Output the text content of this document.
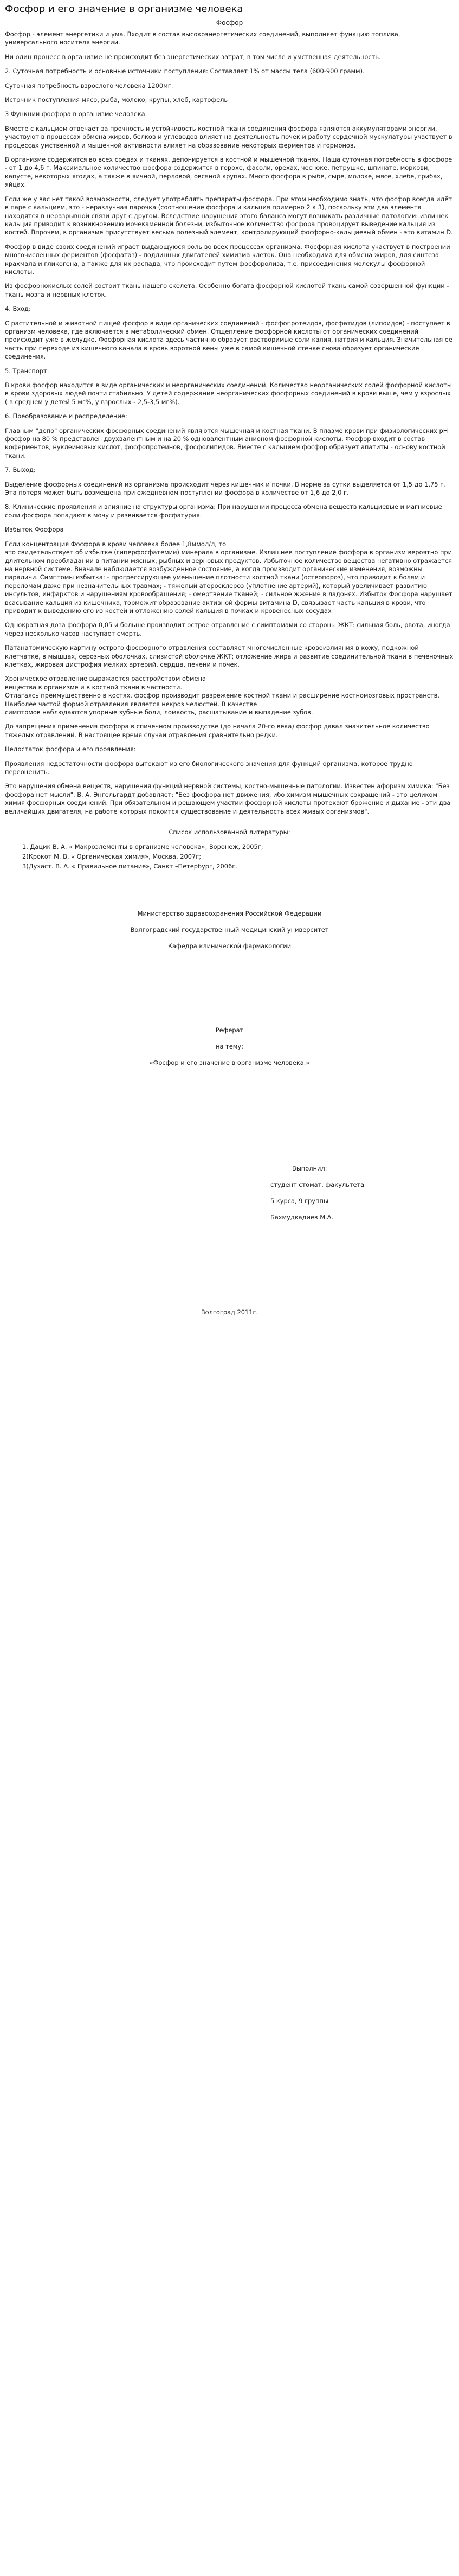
Фосфор и его значение в организме человека
Фосфор
Фосфор - элемент энергетики и ума. Входит в состав высокоэнергетических соединений, выполняет функцию топлива, универсального носителя энергии.
Ни один процесс в организме не происходит без энергетических затрат, в том числе и умственная деятельность.
2. Суточная потребность и основные источники поступления: Составляет 1% от массы тела (600-900 грамм).
Суточная потребность взрослого человека 1200мг.
Источник поступления мясо, рыба, молоко, крупы, хлеб, картофель
3 Функции фосфора в организме человека
Вместе с кальцием отвечает за прочность и устойчивость костной ткани соединения фосфора являются аккумуляторами энергии, участвуют в процессах обмена жиров, белков и углеводов влияет на деятельность почек и работу сердечной мускулатуры участвует в процессах умственной и мышечной активности влияет на образование некоторых ферментов и гормонов.
В организме содержится во всех средах и тканях, депонируется в костной и мышечной тканях. Наша суточная потребность в фосфоре - от 1 до 4,6 г. Максимальное количество фосфора содержится в горохе, фасоли, орехах, чесноке, петрушке, шпинате, моркови, капусте, некоторых ягодах, а также в яичной, перловой, овсяной крупах. Много фосфора в рыбе, сыре, молоке, мясе, хлебе, грибах, яйцах.
Если же у вас нет такой возможности, следует употреблять препараты фосфора. При этом необходимо знать, что фосфор всегда идёт в паре с кальцием, это - неразлучная парочка (соотношение фосфора и кальция примерно 2 к 3), поскольку эти два элемента находятся в неразрывной связи друг с другом. Вследствие нарушения этого баланса могут возникать различные патологии: излишек кальция приводит к возникновению мочекаменной болезни, избыточное количество фосфора провоцирует выведение кальция из костей. Впрочем, в организме присутствует весьма полезный элемент, контролирующий фосфорно-кальциевый обмен - это витамин D.
Фосфор в виде своих соединений играет выдающуюся роль во всех процессах организма. Фосфорная кислота участвует в построении многочисленных ферментов (фосфатаз) - подлинных двигателей химизма клеток. Она необходима для обмена жиров, для синтеза крахмала и гликогена, а также для их распада, что происходит путем фосфоролиза, т.е. присоединения молекулы фосфорной кислоты.
Из фосфорнокислых солей состоит ткань нашего скелета. Особенно богата фосфорной кислотой ткань самой совершенной функции -
ткань мозга и нервных клеток.
4. Вход:
С растительной и животной пищей фосфор в виде органических соединений - фосфопротеидов, фосфатидов (липоидов) - поступает в организм человека, где включается в метаболический обмен. Отщепление фосфорной кислоты от органических соединений происходит уже в желудке. Фосфорная кислота здесь частично образует растворимые соли калия, натрия и кальция. Значительная ее часть при переходе из кишечного канала в кровь воротной вены уже в самой кишечной стенке снова образует органические соединения.
5. Транспорт:
В крови фосфор находится в виде органических и неорганических соединений. Количество неорганических солей фосфорной кислоты в крови здоровых людей почти стабильно. У детей содержание неорганических фосфорных соединений в крови выше, чем у взрослых ( в среднем у детей 5 мг%, у взрослых - 2,5-3,5 мг%).
6. Преобразование и распределение:
Главным "депо" органических фосфорных соединений являются мышечная и костная ткани. В плазме крови при физиологических pH фосфор на 80 % представлен двухвалентным и на 20 % одновалентным анионом фосфорной кислоты. Фосфор входит в состав коферментов, нуклеиновых кислот, фосфопротеинов, фосфолипидов. Вместе с кальцием фосфор образует апатиты - основу костной ткани.
7. Выход:
Выделение фосфорных соединений из организма происходит через кишечник и почки. В норме за сутки выделяется от 1,5 до 1,75 г. Эта потеря может быть возмещена при ежедневном поступлении фосфора в количестве от 1,6 до 2,0 г.
8. Клинические проявления и влияние на структуры организма: При нарушении процесса обмена веществ кальциевые и магниевые соли фосфора попадают в мочу и развивается фосфатурия.
Избыток Фосфора
Если концентрация Фосфора в крови человека более 1,8ммол/л, то
это свидетельствует об избытке (гиперфосфатемии) минерала в организме. Излишнее поступление фосфора в организм вероятно при длительном преобладании в питании мясных, рыбных и зерновых продуктов. Избыточное количество вещества негативно отражается на нервной системе. Вначале наблюдается возбужденное состояние, а когда производит органические изменения, возможны параличи. Симптомы избытка: - прогрессирующее уменьшение плотности костной ткани (остеопороз), что приводит к болям и переломам даже при незначительных травмах; - тяжелый атеросклероз (уплотнение артерий), который увеличивает развитию инсультов, инфарктов и нарушениям кровообращения; - омертвение тканей; - сильное жжение в ладонях. Избыток Фосфора нарушает всасывание кальция из кишечника, торможит образование активной формы витамина D, связывает часть кальция в крови, что приводит к выведению его из костей и отложению солей кальция в почках и кровеносных сосудах
Однократная доза фосфора 0,05 и больше производит острое отравление с симптомами со стороны ЖКТ: сильная боль, рвота, иногда
через несколько часов наступает смерть.
Патанатомическую картину острого фосфорного отравления составляет многочисленные кровоизлияния в кожу, подкожной клетчатке, в мышцах, серозных оболочках, слизистой оболочке ЖКТ; отложение жира и развитие соединительной ткани в печеночных клетках, жировая дистрофия мелких артерий, сердца, печени и почек.
Хроническое отравление выражается расстройством обмена
вещества в организме и в костной ткани в частности.
Отлагаясь преимущественно в костях, фосфор производит разрежение костной ткани и расширение костномозговых пространств. Наиболее частой формой отравления является некроз челюстей. В качестве
симптомов наблюдаются упорные зубные боли, ломкость, расшатывание и выпадение зубов.
До запрещения применения фосфора в спичечном производстве (до начала 20-го века) фосфор давал значительное количество тяжелых отравлений. В настоящее время случаи отравления сравнительно редки.
Недостаток фосфора и его проявления:
Проявления недостаточности фосфора вытекают из его биологического значения для функций организма, которое трудно переоценить.
Это нарушения обмена веществ, нарушения функций нервной системы, костно-мышечные патологии. Известен афоризм химика: "Без фосфора нет мысли". В. А. Энгельгардт добавляет: "Без фосфора нет движения, ибо химизм мышечных сокращений - это целиком химия фосфорных соединений. При обязательном и решающем участии фосфорной кислоты протекают брожение и дыхание - эти два величайших двигателя, на работе которых покоится существование и деятельность всех живых организмов".
Список использованной литературы:
1. Дацик В. А. « Макроэлементы в организме человека», Воронеж, 2005г;
2)Крокот М. В. « Органическая химия», Москва, 2007г;
3)Духаст. В. А. « Правильное питание», Санкт –Петербург, 2006г.
Министерство здравоохранения Российской Федерации
Волгоградский государственный медицинский университет
Кафедра клинической фармакологии
Реферат
на тему:
«Фосфор и его значение в организме человека.»
Выполнил:
студент стомат. факультета
5 курса, 9 группы
Бахмудкадиев М.А.
Волгоград 2011г.
